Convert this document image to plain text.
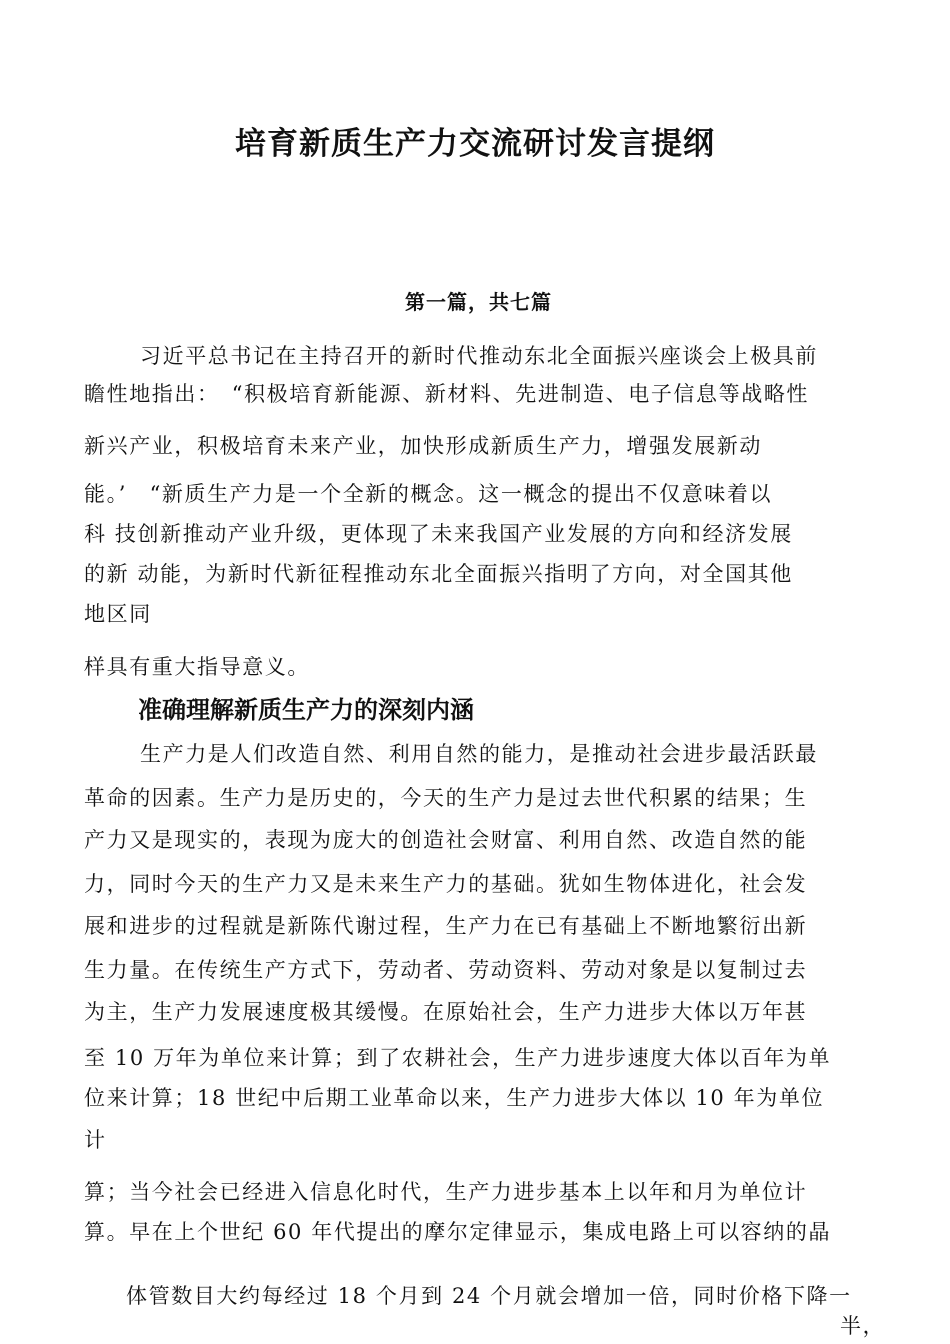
培育新质生产力交流研讨发言提纲
第一篇，共七篇
习近平总书记在主持召开的新时代推动东北全面振兴座谈会上极具前
瞻性地指出：　“积极培育新能源、新材料、先进制造、电子信息等战略性
新兴产业，积极培育未来产业，加快形成新质生产力，增强发展新动
能。’　“新质生产力是一个全新的概念。这一概念的提出不仅意味着以
科 技创新推动产业升级，更体现了未来我国产业发展的方向和经济发展
的新 动能，为新时代新征程推动东北全面振兴指明了方向，对全国其他
地区同
样具有重大指导意义。
准确理解新质生产力的深刻内涵
生产力是人们改造自然、利用自然的能力，是推动社会进步最活跃最
革命的因素。生产力是历史的，今天的生产力是过去世代积累的结果；生
产力又是现实的，表现为庞大的创造社会财富、利用自然、改造自然的能
力，同时今天的生产力又是未来生产力的基础。犹如生物体进化，社会发
展和进步的过程就是新陈代谢过程，生产力在已有基础上不断地繁衍出新
生力量。在传统生产方式下，劳动者、劳动资料、劳动对象是以复制过去
为主，生产力发展速度极其缓慢。在原始社会，生产力进步大体以万年甚
至 10 万年为单位来计算；到了农耕社会，生产力进步速度大体以百年为单
位来计算；18 世纪中后期工业革命以来，生产力进步大体以 10 年为单位
计
算；当今社会已经进入信息化时代，生产力进步基本上以年和月为单位计
算。早在上个世纪 60 年代提出的摩尔定律显示，集成电路上可以容纳的晶
体管数目大约每经过 18 个月到 24 个月就会增加一倍，同时价格下降一
半，
